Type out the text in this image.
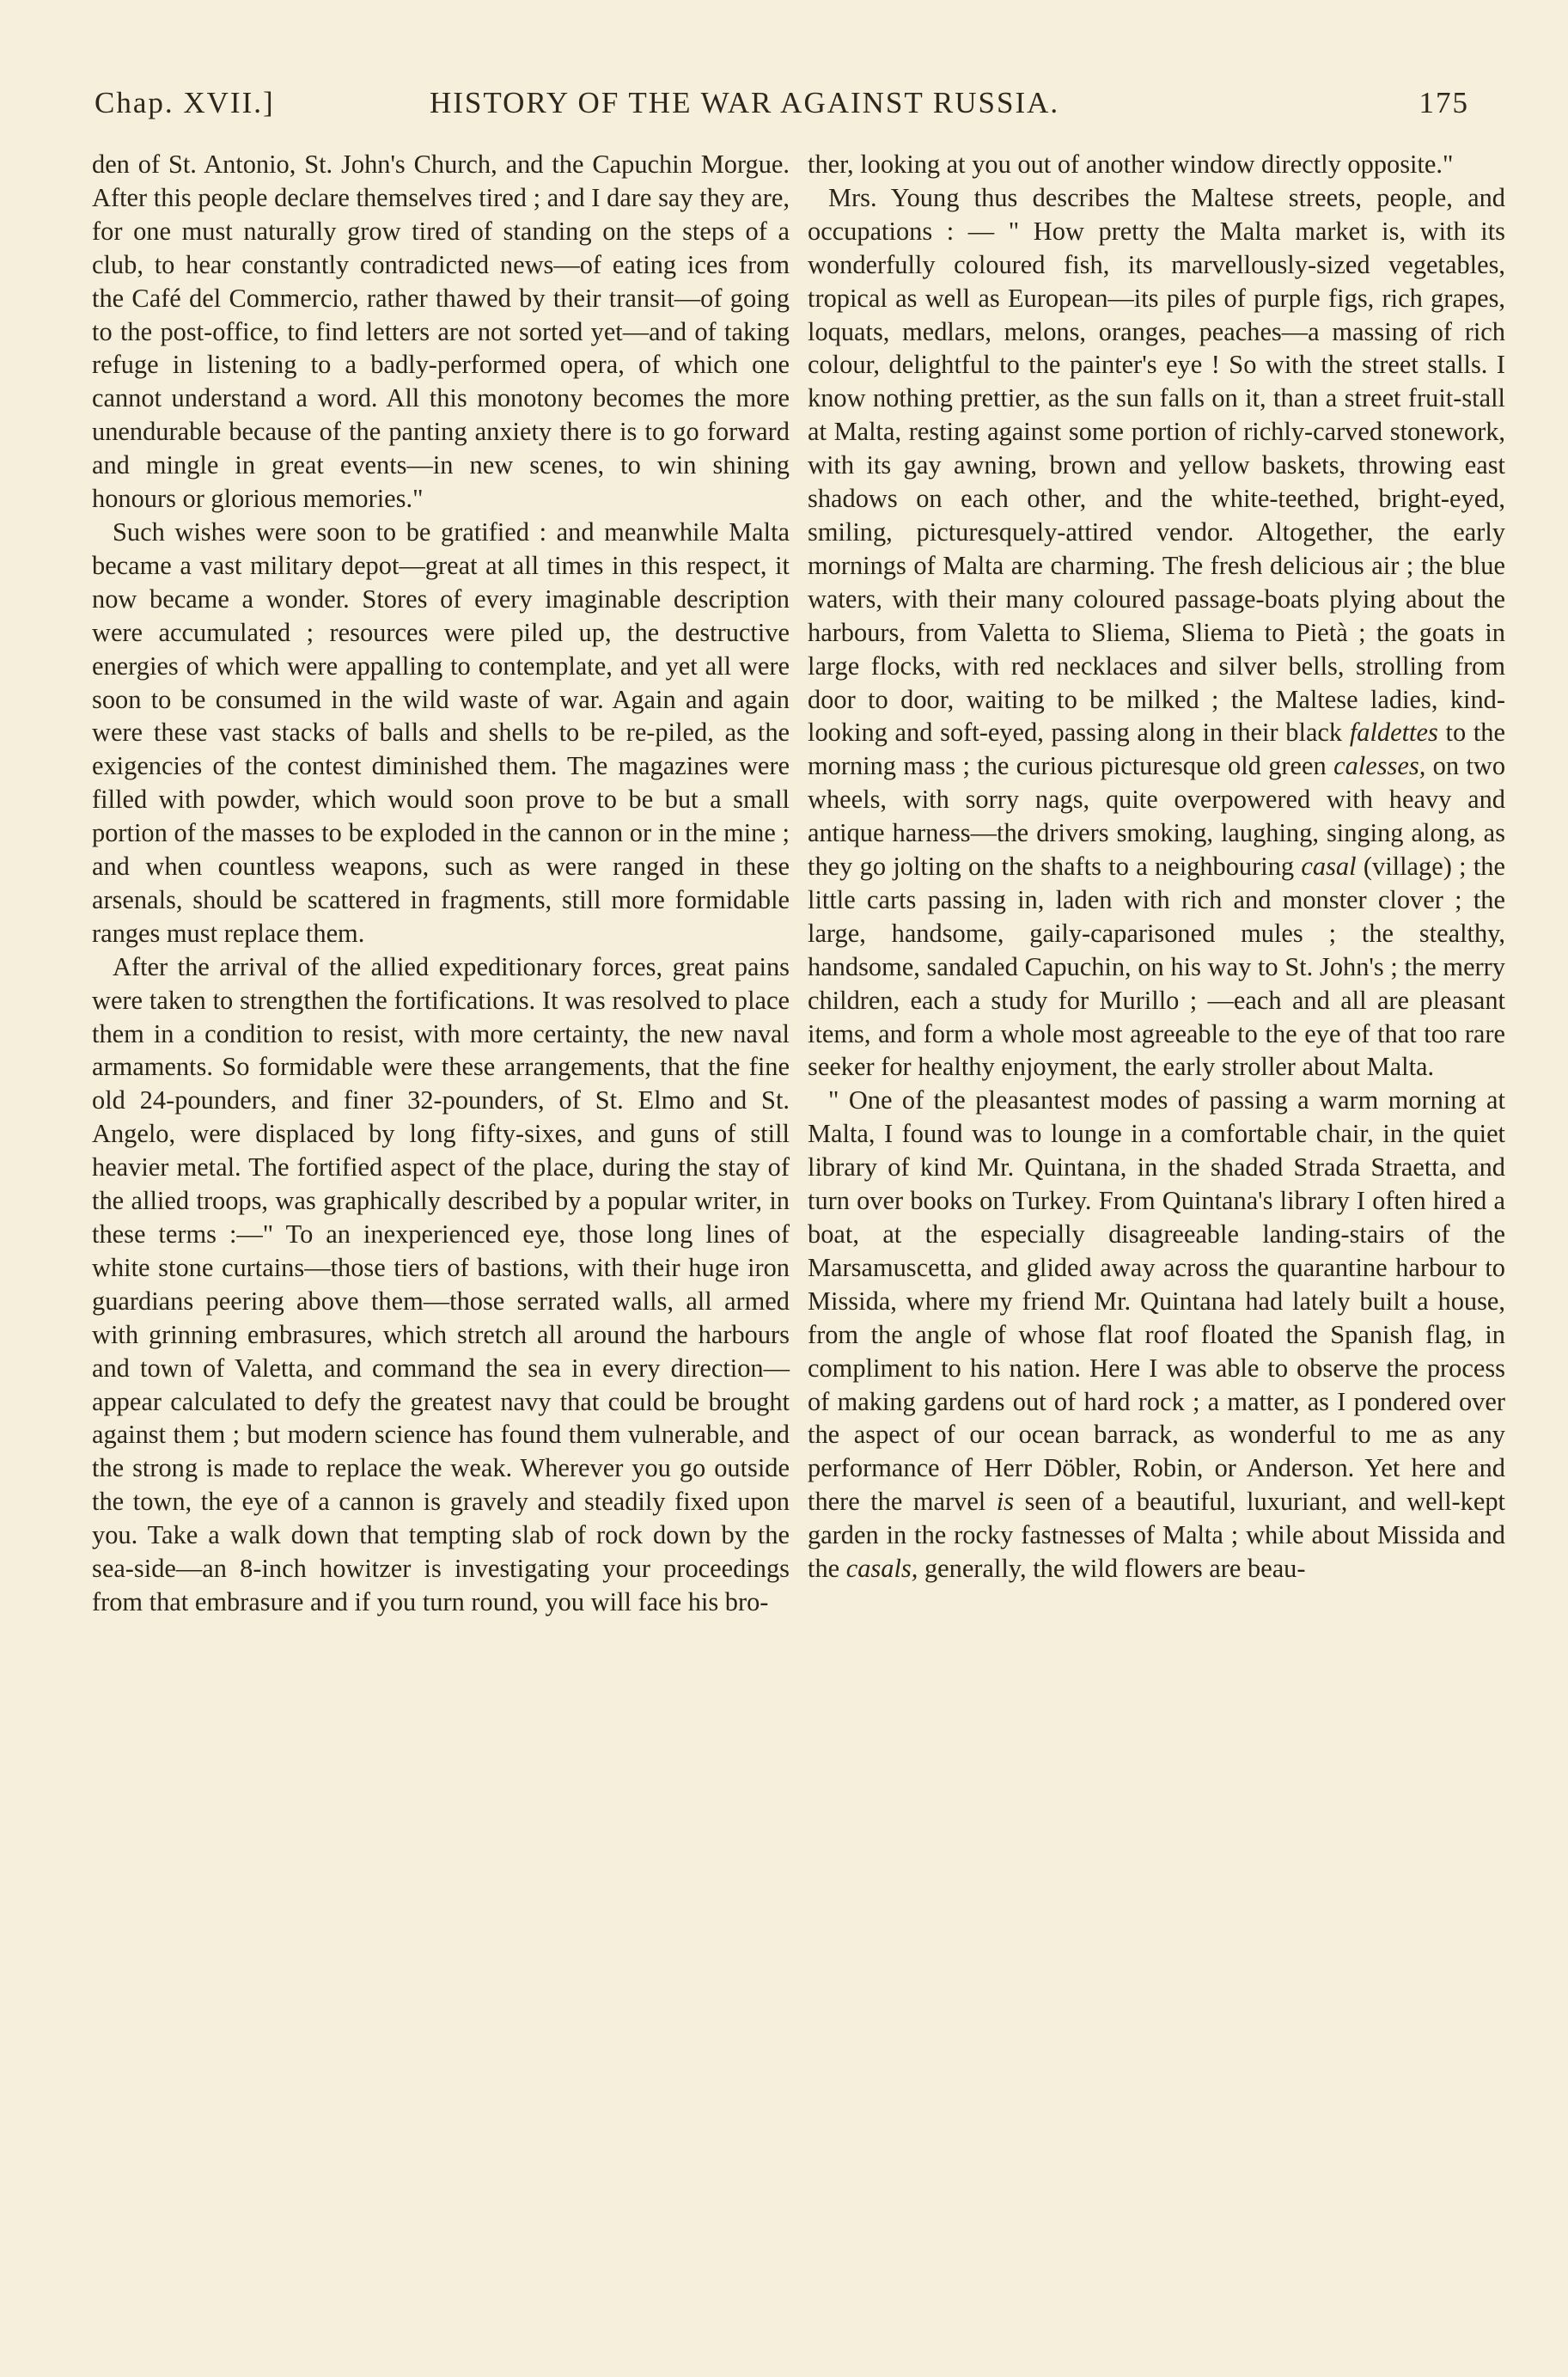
Chap. XVII.]	HISTORY OF THE WAR AGAINST RUSSIA.	175

den of St. Antonio, St. John's Church, and the Capuchin Morgue. After this people declare themselves tired ; and I dare say they are, for one must naturally grow tired of standing on the steps of a club, to hear constantly contradicted news—of eating ices from the Café del Commercio, rather thawed by their transit—of going to the post-office, to find letters are not sorted yet—and of taking refuge in listening to a badly-performed opera, of which one cannot understand a word. All this monotony becomes the more unendurable because of the panting anxiety there is to go forward and mingle in great events—in new scenes, to win shining honours or glorious memories."

Such wishes were soon to be gratified : and meanwhile Malta became a vast military depot—great at all times in this respect, it now became a wonder. Stores of every imaginable description were accumulated ; resources were piled up, the destructive energies of which were appalling to contemplate, and yet all were soon to be consumed in the wild waste of war. Again and again were these vast stacks of balls and shells to be re-piled, as the exigencies of the contest diminished them. The magazines were filled with powder, which would soon prove to be but a small portion of the masses to be exploded in the cannon or in the mine ; and when countless weapons, such as were ranged in these arsenals, should be scattered in fragments, still more formidable ranges must replace them.

After the arrival of the allied expeditionary forces, great pains were taken to strengthen the fortifications. It was resolved to place them in a condition to resist, with more certainty, the new naval armaments. So formidable were these arrangements, that the fine old 24-pounders, and finer 32-pounders, of St. Elmo and St. Angelo, were displaced by long fifty-sixes, and guns of still heavier metal. The fortified aspect of the place, during the stay of the allied troops, was graphically described by a popular writer, in these terms :—" To an inexperienced eye, those long lines of white stone curtains—those tiers of bastions, with their huge iron guardians peering above them—those serrated walls, all armed with grinning embrasures, which stretch all around the harbours and town of Valetta, and command the sea in every direction—appear calculated to defy the greatest navy that could be brought against them ; but modern science has found them vulnerable, and the strong is made to replace the weak. Wherever you go outside the town, the eye of a cannon is gravely and steadily fixed upon you. Take a walk down that tempting slab of rock down by the sea-side—an 8-inch howitzer is investigating your proceedings from that embrasure and if you turn round, you will face his bro-

ther, looking at you out of another window directly opposite."

Mrs. Young thus describes the Maltese streets, people, and occupations : — " How pretty the Malta market is, with its wonderfully coloured fish, its marvellously-sized vegetables, tropical as well as European—its piles of purple figs, rich grapes, loquats, medlars, melons, oranges, peaches—a massing of rich colour, delightful to the painter's eye ! So with the street stalls. I know nothing prettier, as the sun falls on it, than a street fruit-stall at Malta, resting against some portion of richly-carved stonework, with its gay awning, brown and yellow baskets, throwing east shadows on each other, and the white-teethed, bright-eyed, smiling, picturesquely-attired vendor. Altogether, the early mornings of Malta are charming. The fresh delicious air ; the blue waters, with their many coloured passage-boats plying about the harbours, from Valetta to Sliema, Sliema to Pietà ; the goats in large flocks, with red necklaces and silver bells, strolling from door to door, waiting to be milked ; the Maltese ladies, kind-looking and soft-eyed, passing along in their black faldettes to the morning mass ; the curious picturesque old green calesses, on two wheels, with sorry nags, quite overpowered with heavy and antique harness—the drivers smoking, laughing, singing along, as they go jolting on the shafts to a neighbouring casal (village) ; the little carts passing in, laden with rich and monster clover ; the large, handsome, gaily-caparisoned mules ; the stealthy, handsome, sandaled Capuchin, on his way to St. John's ; the merry children, each a study for Murillo ; —each and all are pleasant items, and form a whole most agreeable to the eye of that too rare seeker for healthy enjoyment, the early stroller about Malta.

" One of the pleasantest modes of passing a warm morning at Malta, I found was to lounge in a comfortable chair, in the quiet library of kind Mr. Quintana, in the shaded Strada Straetta, and turn over books on Turkey. From Quintana's library I often hired a boat, at the especially disagreeable landing-stairs of the Marsamuscetta, and glided away across the quarantine harbour to Missida, where my friend Mr. Quintana had lately built a house, from the angle of whose flat roof floated the Spanish flag, in compliment to his nation. Here I was able to observe the process of making gardens out of hard rock ; a matter, as I pondered over the aspect of our ocean barrack, as wonderful to me as any performance of Herr Döbler, Robin, or Anderson. Yet here and there the marvel is seen of a beautiful, luxuriant, and well-kept garden in the rocky fastnesses of Malta ; while about Missida and the casals, generally, the wild flowers are beau-
